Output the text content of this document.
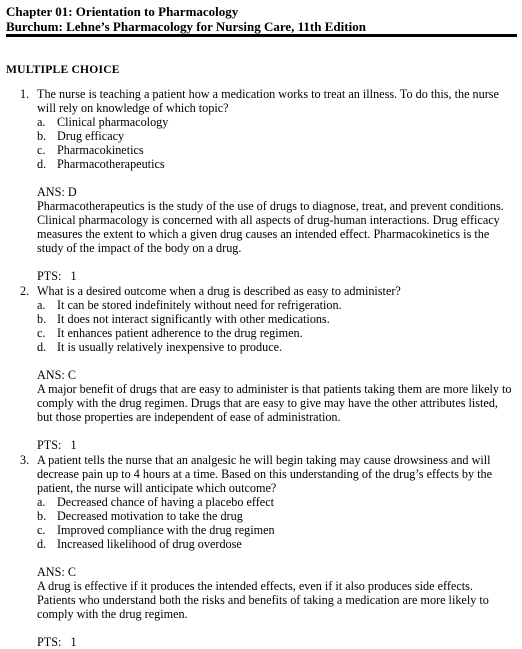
Chapter 01: Orientation to Pharmacology
Burchum: Lehne’s Pharmacology for Nursing Care, 11th Edition
MULTIPLE CHOICE
1. The nurse is teaching a patient how a medication works to treat an illness. To do this, the nurse will rely on knowledge of which topic?
a. Clinical pharmacology
b. Drug efficacy
c. Pharmacokinetics
d. Pharmacotherapeutics
ANS: D
Pharmacotherapeutics is the study of the use of drugs to diagnose, treat, and prevent conditions. Clinical pharmacology is concerned with all aspects of drug-human interactions. Drug efficacy measures the extent to which a given drug causes an intended effect. Pharmacokinetics is the study of the impact of the body on a drug.
PTS:   1
2. What is a desired outcome when a drug is described as easy to administer?
a. It can be stored indefinitely without need for refrigeration.
b. It does not interact significantly with other medications.
c. It enhances patient adherence to the drug regimen.
d. It is usually relatively inexpensive to produce.
ANS: C
A major benefit of drugs that are easy to administer is that patients taking them are more likely to comply with the drug regimen. Drugs that are easy to give may have the other attributes listed, but those properties are independent of ease of administration.
PTS:   1
3. A patient tells the nurse that an analgesic he will begin taking may cause drowsiness and will decrease pain up to 4 hours at a time. Based on this understanding of the drug’s effects by the patient, the nurse will anticipate which outcome?
a. Decreased chance of having a placebo effect
b. Decreased motivation to take the drug
c. Improved compliance with the drug regimen
d. Increased likelihood of drug overdose
ANS: C
A drug is effective if it produces the intended effects, even if it also produces side effects. Patients who understand both the risks and benefits of taking a medication are more likely to comply with the drug regimen.
PTS:   1
